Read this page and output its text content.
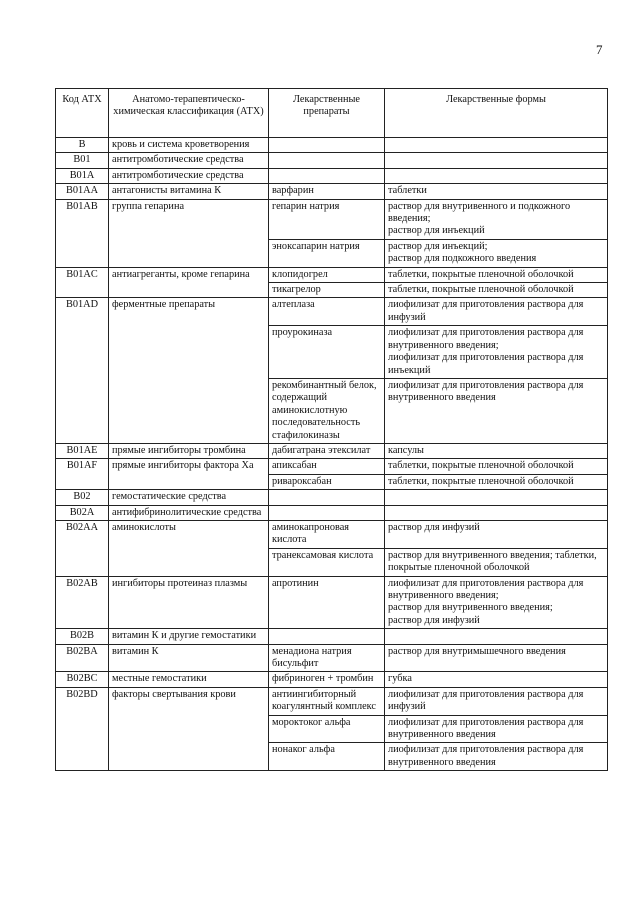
7
Код АТХ	Анатомо-терапевтическо-химическая классификация (АТХ)	Лекарственные препараты	Лекарственные формы
B	кровь и система кроветворения		
B01	антитромботические средства		
B01A	антитромботические средства		
B01AA	антагонисты витамина К	варфарин	таблетки
B01AB	группа гепарина	гепарин натрия	раствор для внутривенного и подкожного введения;
раствор для инъекций
		эноксапарин натрия	раствор для инъекций;
раствор для подкожного введения
B01AC	антиагреганты, кроме гепарина	клопидогрел	таблетки, покрытые пленочной оболочкой
		тикагрелор	таблетки, покрытые пленочной оболочкой
B01AD	ферментные препараты	алтеплаза	лиофилизат для приготовления раствора для инфузий
		проурокиназа	лиофилизат для приготовления раствора для внутривенного введения;
лиофилизат для приготовления раствора для инъекций
		рекомбинантный белок, содержащий аминокислотную последовательность стафилокиназы	лиофилизат для приготовления раствора для внутривенного введения
B01AE	прямые ингибиторы тромбина	дабигатрана этексилат	капсулы
B01AF	прямые ингибиторы фактора Ха	апиксабан	таблетки, покрытые пленочной оболочкой
		ривароксабан	таблетки, покрытые пленочной оболочкой
B02	гемостатические средства		
B02A	антифибринолитические средства		
B02AA	аминокислоты	аминокапроновая кислота	раствор для инфузий
		транексамовая кислота	раствор для внутривенного введения; таблетки, покрытые пленочной оболочкой
B02AB	ингибиторы протеиназ плазмы	апротинин	лиофилизат для приготовления раствора для внутривенного введения;
раствор для внутривенного введения;
раствор для инфузий
B02B	витамин К и другие гемостатики		
B02BA	витамин К	менадиона натрия бисульфит	раствор для внутримышечного введения
B02BC	местные гемостатики	фибриноген + тромбин	губка
B02BD	факторы свертывания крови	антиингибиторный коагулянтный комплекс	лиофилизат для приготовления раствора для инфузий
		мороктоког альфа	лиофилизат для приготовления раствора для внутривенного введения
		нонаког альфа	лиофилизат для приготовления раствора для внутривенного введения
